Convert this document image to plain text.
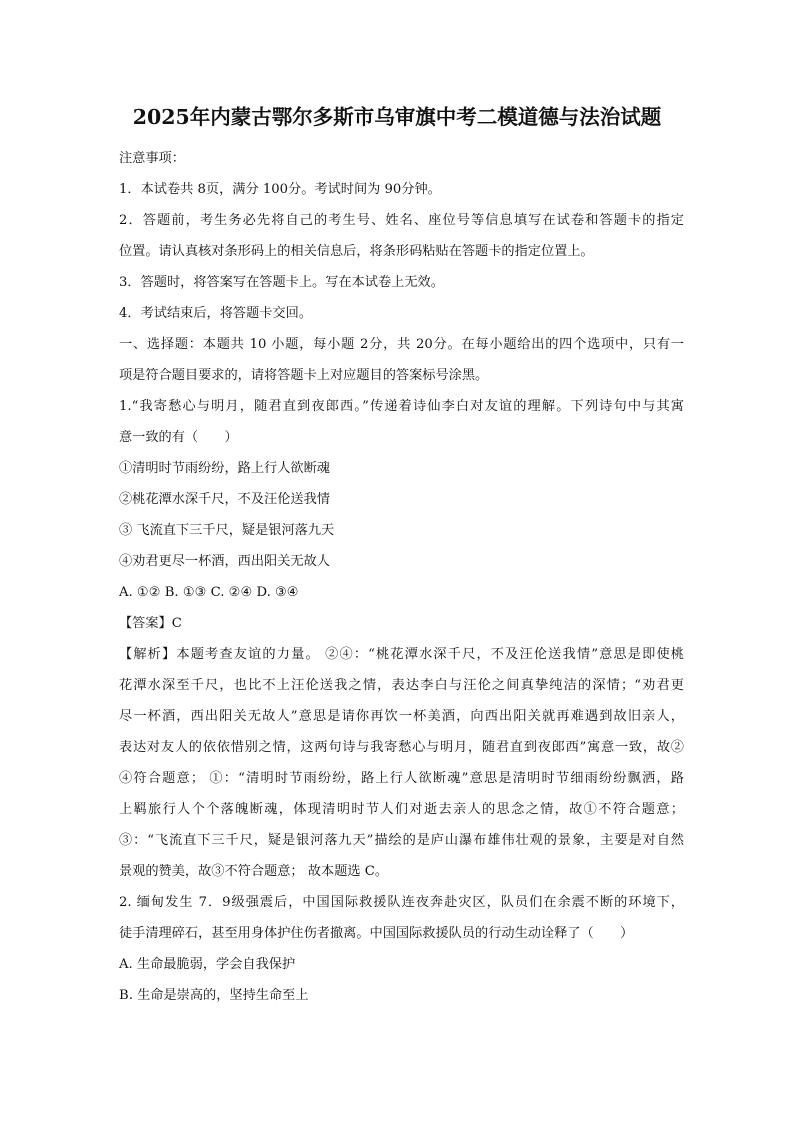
2025年内蒙古鄂尔多斯市乌审旗中考二模道德与法治试题
注意事项：
1．本试卷共 8页，满分 100分。考试时间为 90分钟。
2．答题前，考生务必先将自己的考生号、姓名、座位号等信息填写在试卷和答题卡的指定
位置。请认真核对条形码上的相关信息后，将条形码粘贴在答题卡的指定位置上。
3．答题时，将答案写在答题卡上。写在本试卷上无效。
4．考试结束后，将答题卡交回。
一、选择题：本题共 10 小题，每小题 2分，共 20分。在每小题给出的四个选项中，只有一
项是符合题目要求的，请将答题卡上对应题目的答案标号涂黑。
1.“我寄愁心与明月，随君直到夜郎西。”传递着诗仙李白对友谊的理解。下列诗句中与其寓
意一致的有（　　）
①清明时节雨纷纷，路上行人欲断魂
②桃花潭水深千尺，不及汪伦送我情
③ 飞流直下三千尺，疑是银河落九天
④劝君更尽一杯酒，西出阳关无故人
A. ①② B. ①③ C. ②④ D. ③④
【答案】C
【解析】本题考查友谊的力量。 ②④：“桃花潭水深千尺，不及汪伦送我情”意思是即使桃
花潭水深至千尺，也比不上汪伦送我之情，表达李白与汪伦之间真挚纯洁的深情；“劝君更
尽一杯酒，西出阳关无故人”意思是请你再饮一杯美酒，向西出阳关就再难遇到故旧亲人，
表达对友人的依依惜别之情，这两句诗与我寄愁心与明月，随君直到夜郎西”寓意一致，故②
④符合题意； ①：“清明时节雨纷纷，路上行人欲断魂”意思是清明时节细雨纷纷飘洒，路
上羁旅行人个个落魄断魂，体现清明时节人们对逝去亲人的思念之情，故①不符合题意；
③：“飞流直下三千尺，疑是银河落九天”描绘的是庐山瀑布雄伟壮观的景象，主要是对自然
景观的赞美，故③不符合题意； 故本题选 C。
2. 缅甸发生 7．9级强震后，中国国际救援队连夜奔赴灾区，队员们在余震不断的环境下，
徒手清理碎石，甚至用身体护住伤者撤离。中国国际救援队员的行动生动诠释了（　　）
A. 生命最脆弱，学会自我保护
B. 生命是崇高的，坚持生命至上
